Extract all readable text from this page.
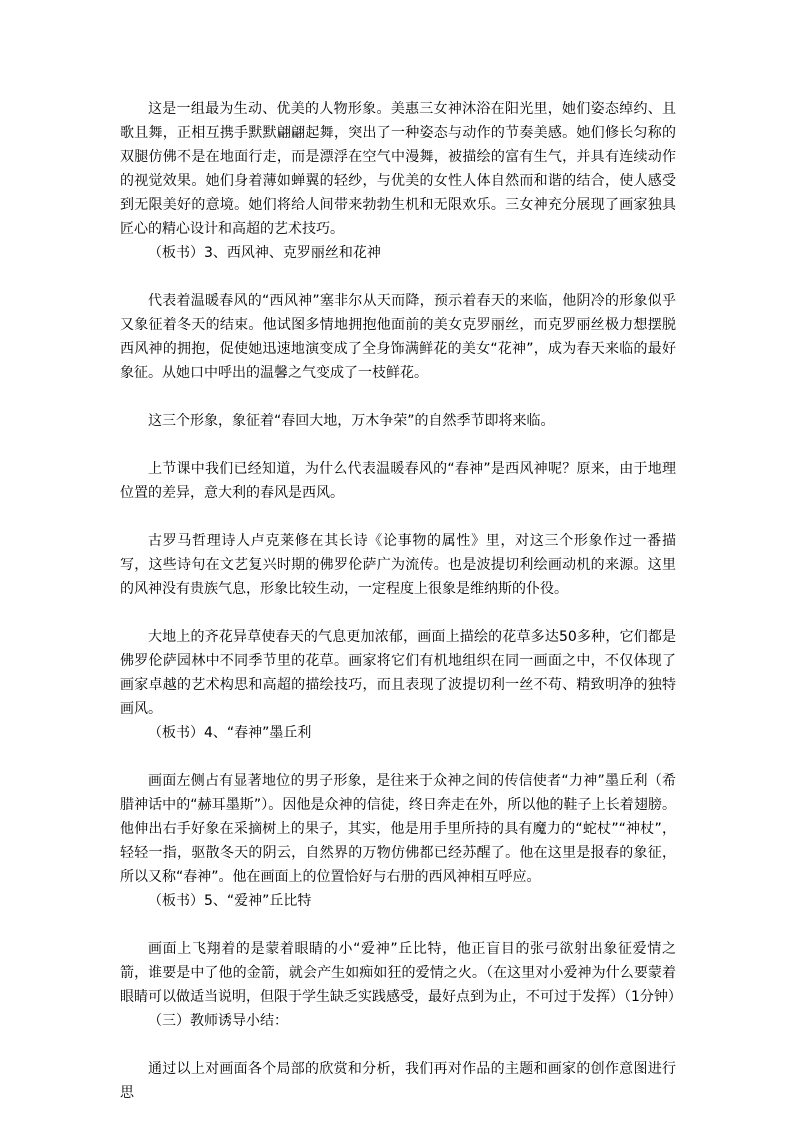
这是一组最为生动、优美的人物形象。美惠三女神沐浴在阳光里，她们姿态绰约、且歌且舞，正相互携手默默翩翩起舞，突出了一种姿态与动作的节奏美感。她们修长匀称的双腿仿佛不是在地面行走，而是漂浮在空气中漫舞，被描绘的富有生气，并具有连续动作的视觉效果。她们身着薄如蝉翼的轻纱，与优美的女性人体自然而和谐的结合，使人感受到无限美好的意境。她们将给人间带来勃勃生机和无限欢乐。三女神充分展现了画家独具匠心的精心设计和高超的艺术技巧。

（板书）3、西风神、克罗丽丝和花神

代表着温暖春风的“西风神”塞非尔从天而降，预示着春天的来临，他阴冷的形象似乎又象征着冬天的结束。他试图多情地拥抱他面前的美女克罗丽丝，而克罗丽丝极力想摆脱西风神的拥抱，促使她迅速地演变成了全身饰满鲜花的美女“花神”，成为春天来临的最好象征。从她口中呼出的温馨之气变成了一枝鲜花。

这三个形象，象征着“春回大地，万木争荣”的自然季节即将来临。

上节课中我们已经知道，为什么代表温暖春风的“春神”是西风神呢？原来，由于地理位置的差异，意大利的春风是西风。

古罗马哲理诗人卢克莱修在其长诗《论事物的属性》里，对这三个形象作过一番描写，这些诗句在文艺复兴时期的佛罗伦萨广为流传。也是波提切利绘画动机的来源。这里的风神没有贵族气息，形象比较生动，一定程度上很象是维纳斯的仆役。

大地上的齐花异草使春天的气息更加浓郁，画面上描绘的花草多达50多种，它们都是佛罗伦萨园林中不同季节里的花草。画家将它们有机地组织在同一画面之中，不仅体现了画家卓越的艺术构思和高超的描绘技巧，而且表现了波提切利一丝不苟、精致明净的独特画风。

（板书）4、“春神”墨丘利

画面左侧占有显著地位的男子形象，是往来于众神之间的传信使者“力神”墨丘利（希腊神话中的“赫耳墨斯”）。因他是众神的信徒，终日奔走在外，所以他的鞋子上长着翅膀。他伸出右手好象在采摘树上的果子，其实，他是用手里所持的具有魔力的“蛇杖”“神杖”，轻轻一指，驱散冬天的阴云，自然界的万物仿佛都已经苏醒了。他在这里是报春的象征，所以又称“春神”。他在画面上的位置恰好与右册的西风神相互呼应。

（板书）5、“爱神”丘比特

画面上飞翔着的是蒙着眼睛的小“爱神”丘比特，他正盲目的张弓欲射出象征爱情之箭，谁要是中了他的金箭，就会产生如痴如狂的爱情之火。（在这里对小爱神为什么要蒙着眼睛可以做适当说明，但限于学生缺乏实践感受，最好点到为止，不可过于发挥）（1分钟）

（三）教师诱导小结：

通过以上对画面各个局部的欣赏和分析，我们再对作品的主题和画家的创作意图进行思
